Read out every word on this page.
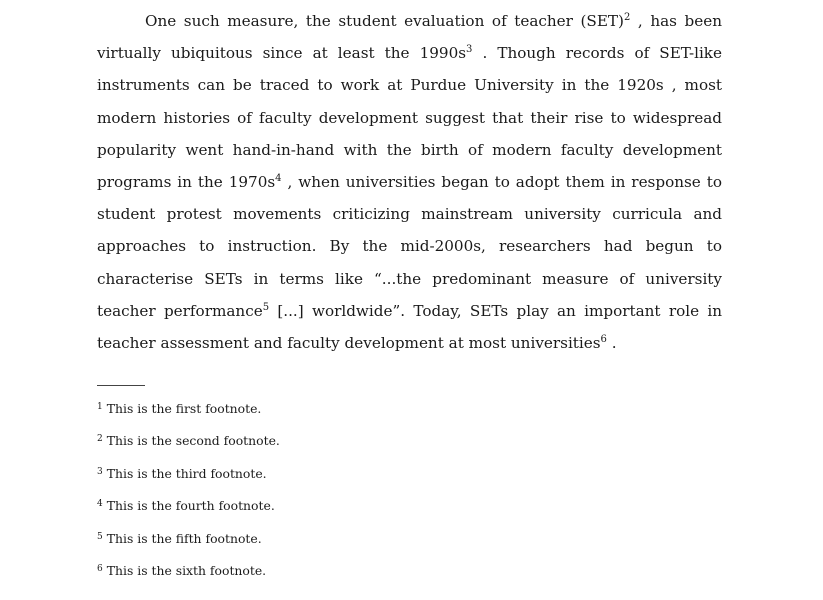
One such measure, the student evaluation of teacher (SET)$^2$ , has been virtually ubiquitous since at least the $1990s^3$ . Though records of SET-like instruments can be traced to work at Purdue University in the 1920s , most modern histories of faculty development suggest that their rise to widespread popularity went hand-in-hand with the birth of modern faculty development programs in the $1970s^4$ , when universities began to adopt them in response to student protest movements criticizing mainstream university curricula and approaches to instruction. By the mid-2000s, researchers had begun to characterise SETs in terms like “...the predominant measure of university teacher performance$^5$ [...] worldwide”. Today, SETs play an important role in teacher assessment and faculty development at most universities$^6$ .

$^1$ This is the first footnote.
$^2$ This is the second footnote.
$^3$ This is the third footnote.
$^4$ This is the fourth footnote.
$^5$ This is the fifth footnote.
$^6$ This is the sixth footnote.
